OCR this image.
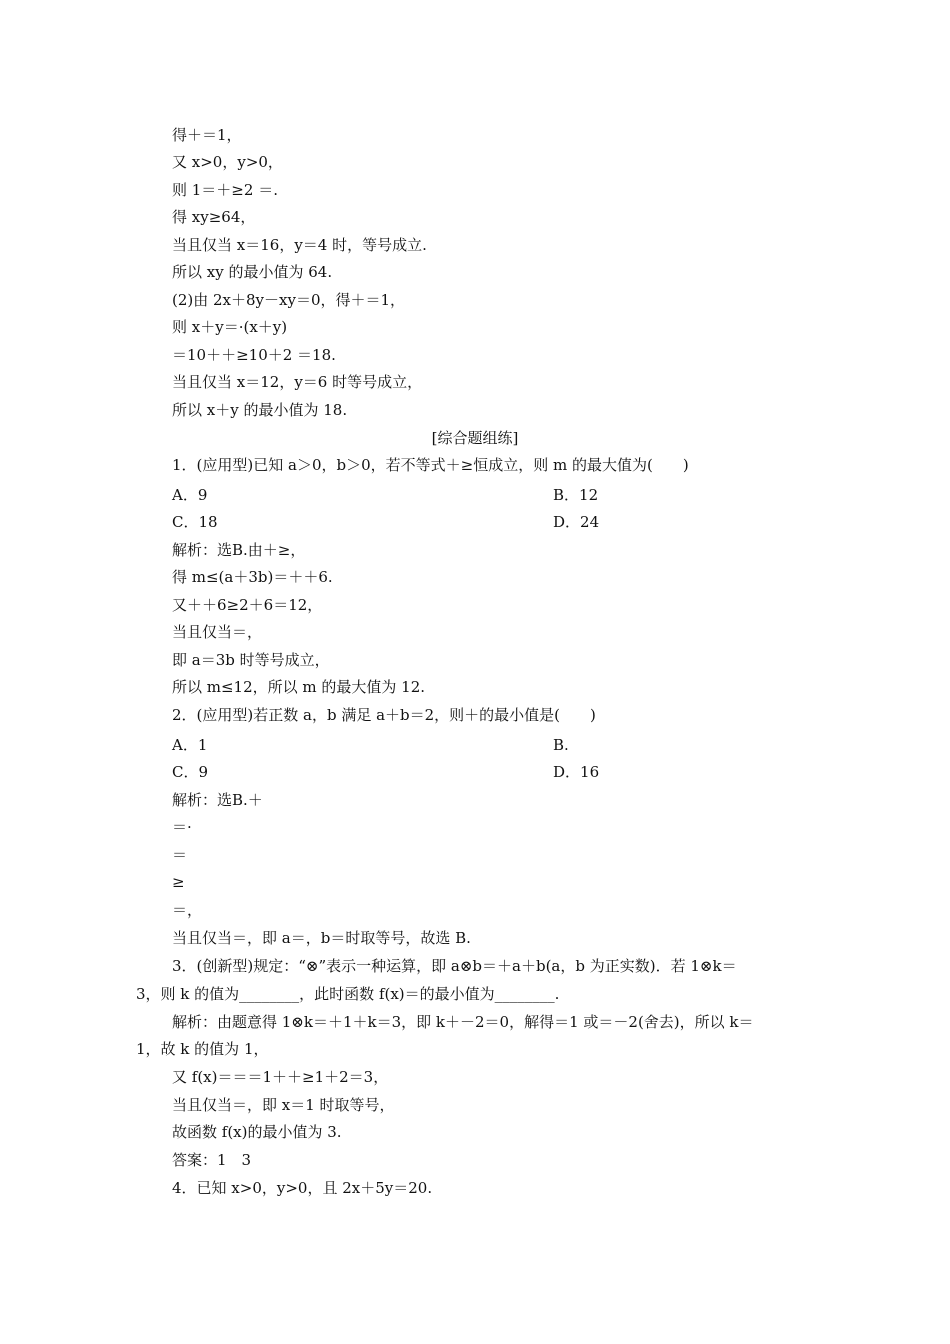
得＋＝1，
又 x>0，y>0，
则 1＝＋≥2 ＝.
得 xy≥64，
当且仅当 x＝16，y＝4 时，等号成立.
所以 xy 的最小值为 64.
(2)由 2x＋8y－xy＝0，得＋＝1，
则 x＋y＝·(x＋y)
＝10＋＋≥10＋2 ＝18.
当且仅当 x＝12，y＝6 时等号成立，
所以 x＋y 的最小值为 18.
[综合题组练]
1．(应用型)已知 a＞0，b＞0，若不等式＋≥恒成立，则 m 的最大值为(　　)
A．9	B．12
C．18	D．24
解析：选B.由＋≥，
得 m≤(a＋3b)＝＋＋6.
又＋＋6≥2＋6＝12，
当且仅当＝，
即 a＝3b 时等号成立，
所以 m≤12，所以 m 的最大值为 12.
2．(应用型)若正数 a，b 满足 a＋b＝2，则＋的最小值是(　　)
A．1	B.
C．9	D．16
解析：选B.＋
＝·
＝
≥
＝，
当且仅当＝，即 a＝，b＝时取等号，故选 B.
3．(创新型)规定：“⊗”表示一种运算，即 a⊗b＝＋a＋b(a，b 为正实数)．若 1⊗k＝
3，则 k 的值为________，此时函数 f(x)＝的最小值为________.
解析：由题意得 1⊗k＝＋1＋k＝3，即 k＋－2＝0，解得＝1 或＝－2(舍去)，所以 k＝
1，故 k 的值为 1，
又 f(x)＝＝＝1＋＋≥1＋2＝3，
当且仅当＝，即 x＝1 时取等号，
故函数 f(x)的最小值为 3.
答案：1　3
4．已知 x>0，y>0，且 2x＋5y＝20.
